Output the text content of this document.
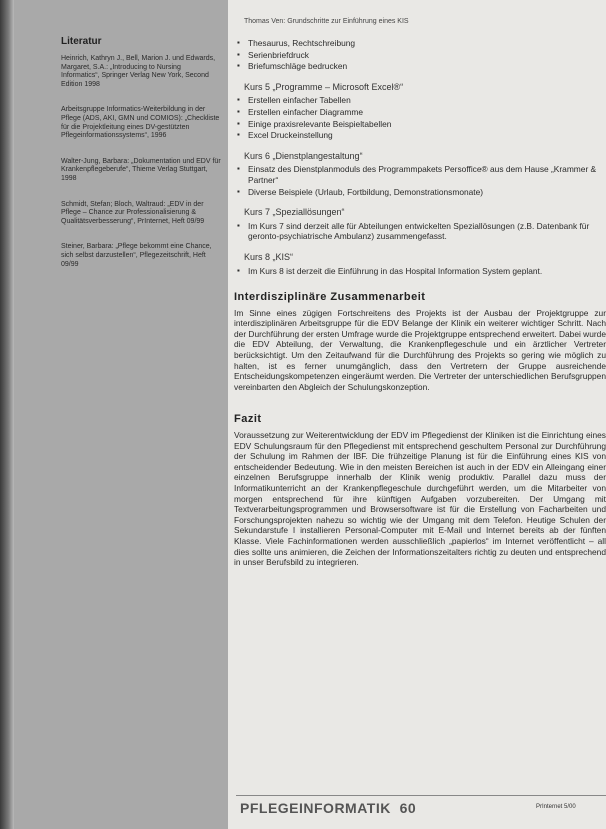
Literatur

Heinrich, Kathryn J., Bell, Marion J. und Edwards, Margaret, S.A.: „Introducing to Nursing Informatics“, Springer Verlag New York, Second Edition 1998

Arbeitsgruppe Informatics-Weiterbildung in der Pflege (ADS, AKI, GMN und COMIOS): „Checkliste für die Projektleitung eines DV-gestützten Pflegeinformationssystems“, 1996

Walter-Jung, Barbara: „Dokumentation und EDV für Krankenpflegeberufe“, Thieme Verlag Stuttgart, 1998

Schmidt, Stefan; Bloch, Waltraud: „EDV in der Pflege – Chance zur Professionalisierung & Qualitätsverbesserung“, PrInternet, Heft 09/99

Steiner, Barbara: „Pflege bekommt eine Chance, sich selbst darzustellen“, Pflegezeitschrift, Heft 09/99

Thomas Ven: Grundschritte zur Einführung eines KIS
▪ Thesaurus, Rechtschreibung
▪ Serienbriefdruck
▪ Briefumschläge bedrucken
Kurs 5 „Programme – Microsoft Excel®“
▪ Erstellen einfacher Tabellen
▪ Erstellen einfacher Diagramme
▪ Einige praxisrelevante Beispieltabellen
▪ Excel Druckeinstellung
Kurs 6 „Dienstplangestaltung“
▪ Einsatz des Dienstplanmoduls des Programmpakets Persoffice® aus dem Hause „Krammer & Partner“
▪ Diverse Beispiele (Urlaub, Fortbildung, Demonstrationsmonate)
Kurs 7 „Speziallösungen“
▪ Im Kurs 7 sind derzeit alle für Abteilungen entwickelten Speziallösungen (z.B. Datenbank für geronto-psychiatrische Ambulanz) zusammengefasst.
Kurs 8 „KIS“
▪ Im Kurs 8 ist derzeit die Einführung in das Hospital Information System geplant.
Interdisziplinäre Zusammenarbeit

Im Sinne eines zügigen Fortschreitens des Projekts ist der Ausbau der Projektgruppe zur interdisziplinären Arbeitsgruppe für die EDV Belange der Klinik ein weiterer wichtiger Schritt. Nach der Durchführung der ersten Umfrage wurde die Projektgruppe entsprechend erweitert. Dabei wurde die EDV Abteilung, der Verwaltung, die Krankenpflegeschule und ein ärztlicher Vertreter berücksichtigt. Um den Zeitaufwand für die Durchführung des Projekts so gering wie möglich zu halten, ist es ferner unumgänglich, dass den Vertretern der Gruppe ausreichende Entscheidungskompetenzen eingeräumt werden. Die Vertreter der unterschiedlichen Berufsgruppen vereinbarten den Abgleich der Schulungskonzeption.

Fazit

Voraussetzung zur Weiterentwicklung der EDV im Pflegedienst der Kliniken ist die Einrichtung eines EDV Schulungsraum für den Pflegedienst mit entsprechend geschultem Personal zur Durchführung der Schulung im Rahmen der IBF. Die frühzeitige Planung ist für die Einführung eines KIS von entscheidender Bedeutung. Wie in den meisten Bereichen ist auch in der EDV ein Alleingang einer einzelnen Berufsgruppe innerhalb der Klinik wenig produktiv. Parallel dazu muss der Informatikunterricht an der Krankenpflegeschule durchgeführt werden, um die Mitarbeiter von morgen entsprechend für ihre künftigen Aufgaben vorzubereiten. Der Umgang mit Textverarbeitungsprogrammen und Browsersoftware ist für die Erstellung von Facharbeiten und Forschungsprojekten nahezu so wichtig wie der Umgang mit dem Telefon. Heutige Schulen der Sekundarstufe I installieren Personal-Computer mit E-Mail und Internet bereits ab der fünften Klasse. Viele Fachinformationen werden ausschließlich „papierlos“ im Internet veröffentlicht – all dies sollte uns animieren, die Zeichen der Informationszeitalters richtig zu deuten und entsprechend in unser Berufsbild zu integrieren.

PFLEGEINFORMATIK 60	PrInternet 5/00
